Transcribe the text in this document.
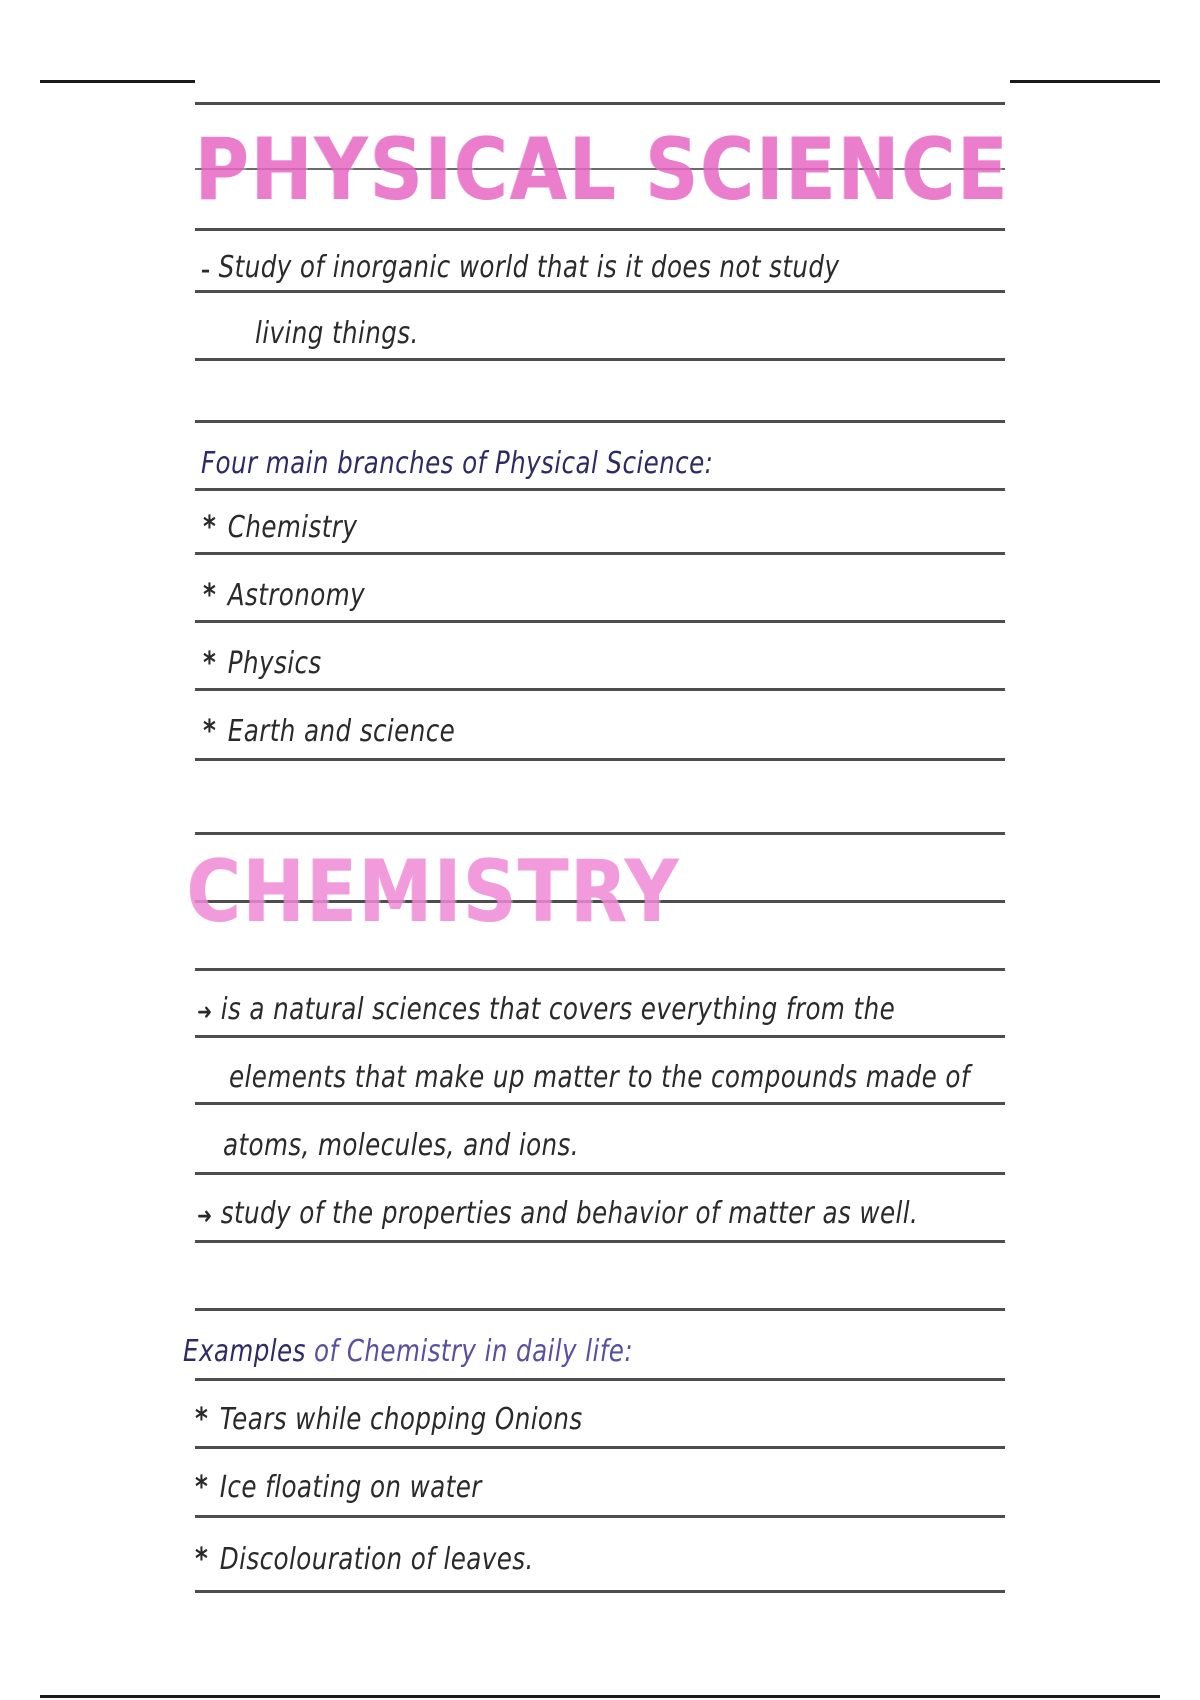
PHYSICAL SCIENCE
– Study of inorganic world that is it does not study
living things.
Four main branches of Physical Science:
* Chemistry
* Astronomy
* Physics
* Earth and science
CHEMISTRY
➜ is a natural sciences that covers everything from the
elements that make up matter to the compounds made of
atoms, molecules, and ions.
➜ study of the properties and behavior of matter as well.
Examples of Chemistry in daily life:
* Tears while chopping Onions
* Ice floating on water
* Discolouration of leaves.
